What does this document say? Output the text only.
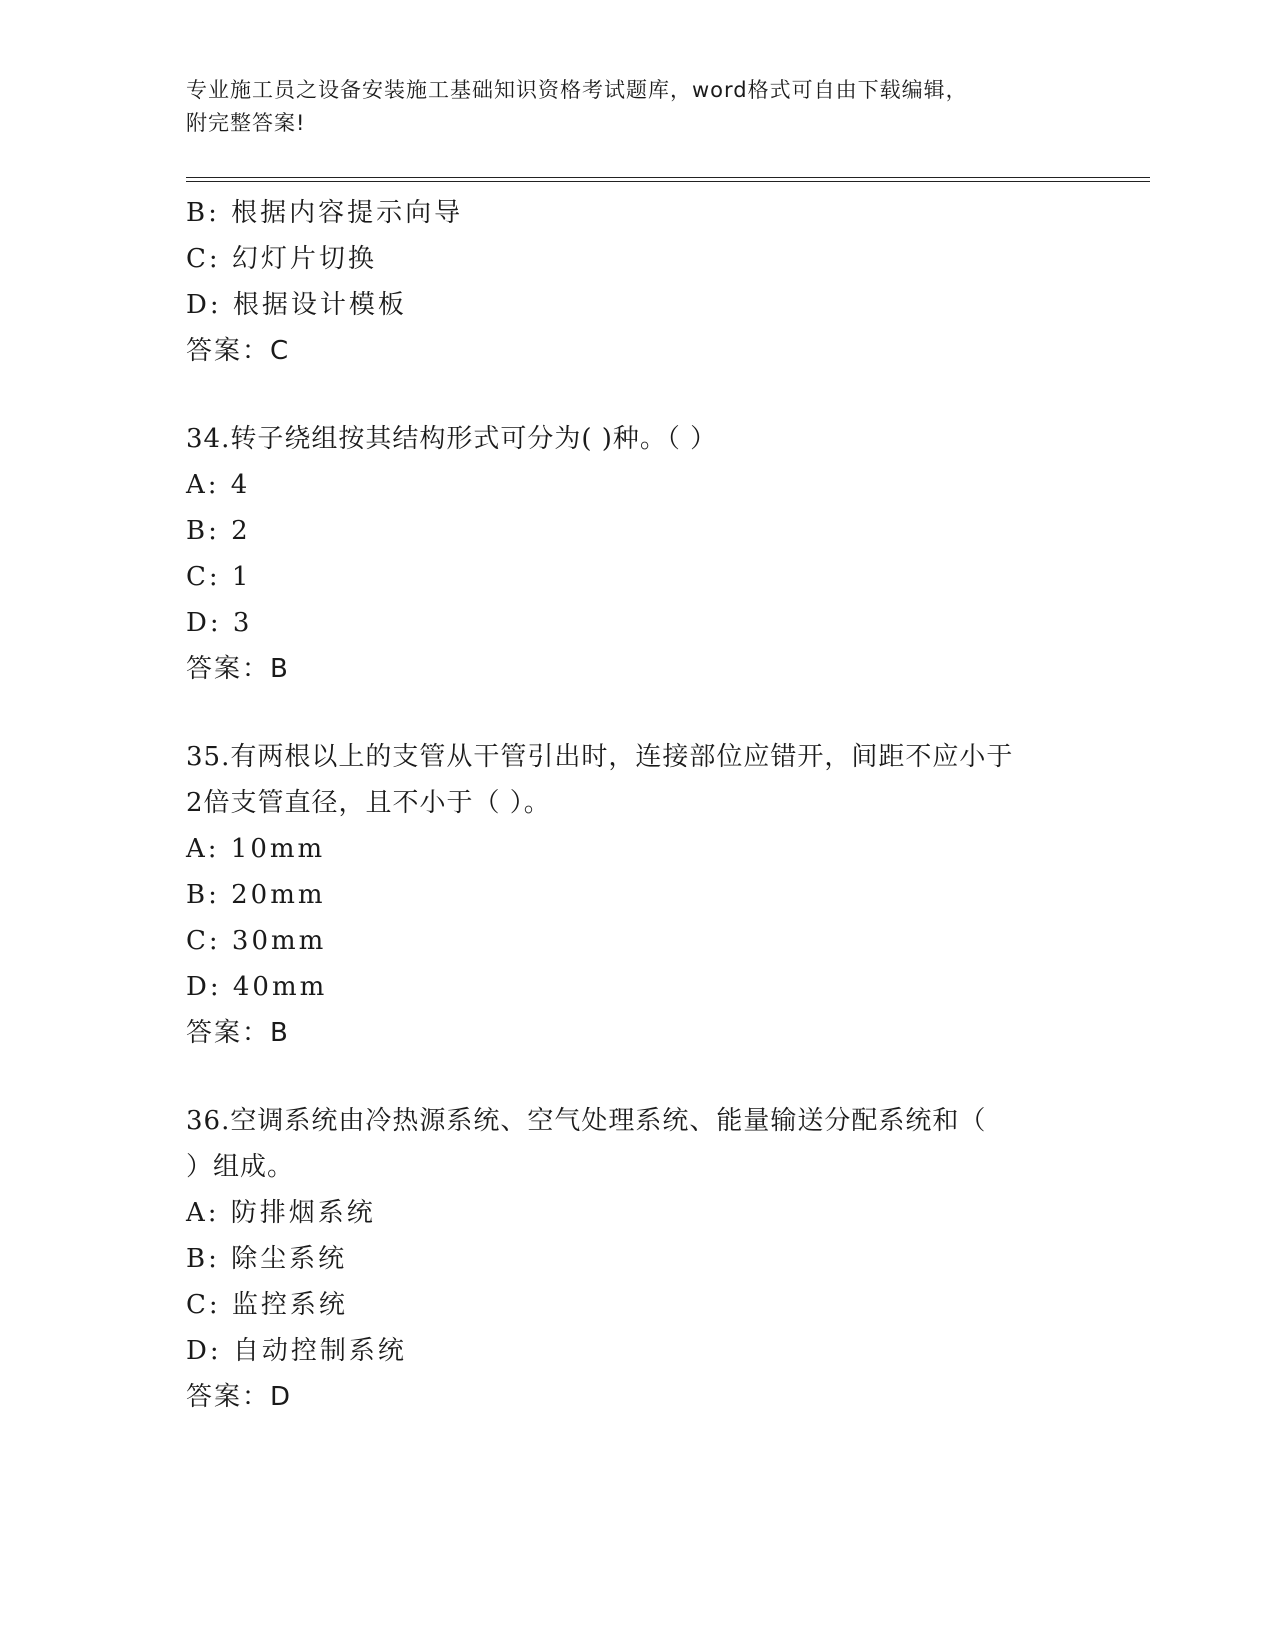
专业施工员之设备安装施工基础知识资格考试题库，word格式可自由下载编辑，
附完整答案!
B: 根据内容提示向导
C: 幻灯片切换
D: 根据设计模板
答案：C
34.转子绕组按其结构形式可分为( )种。（ ）
A: 4
B: 2
C: 1
D: 3
答案：B
35.有两根以上的支管从干管引出时，连接部位应错开，间距不应小于
2倍支管直径，且不小于（ ）。
A: 10mm
B: 20mm
C: 30mm
D: 40mm
答案：B
36.空调系统由冷热源系统、空气处理系统、能量输送分配系统和（
）组成。
A: 防排烟系统
B: 除尘系统
C: 监控系统
D: 自动控制系统
答案：D
